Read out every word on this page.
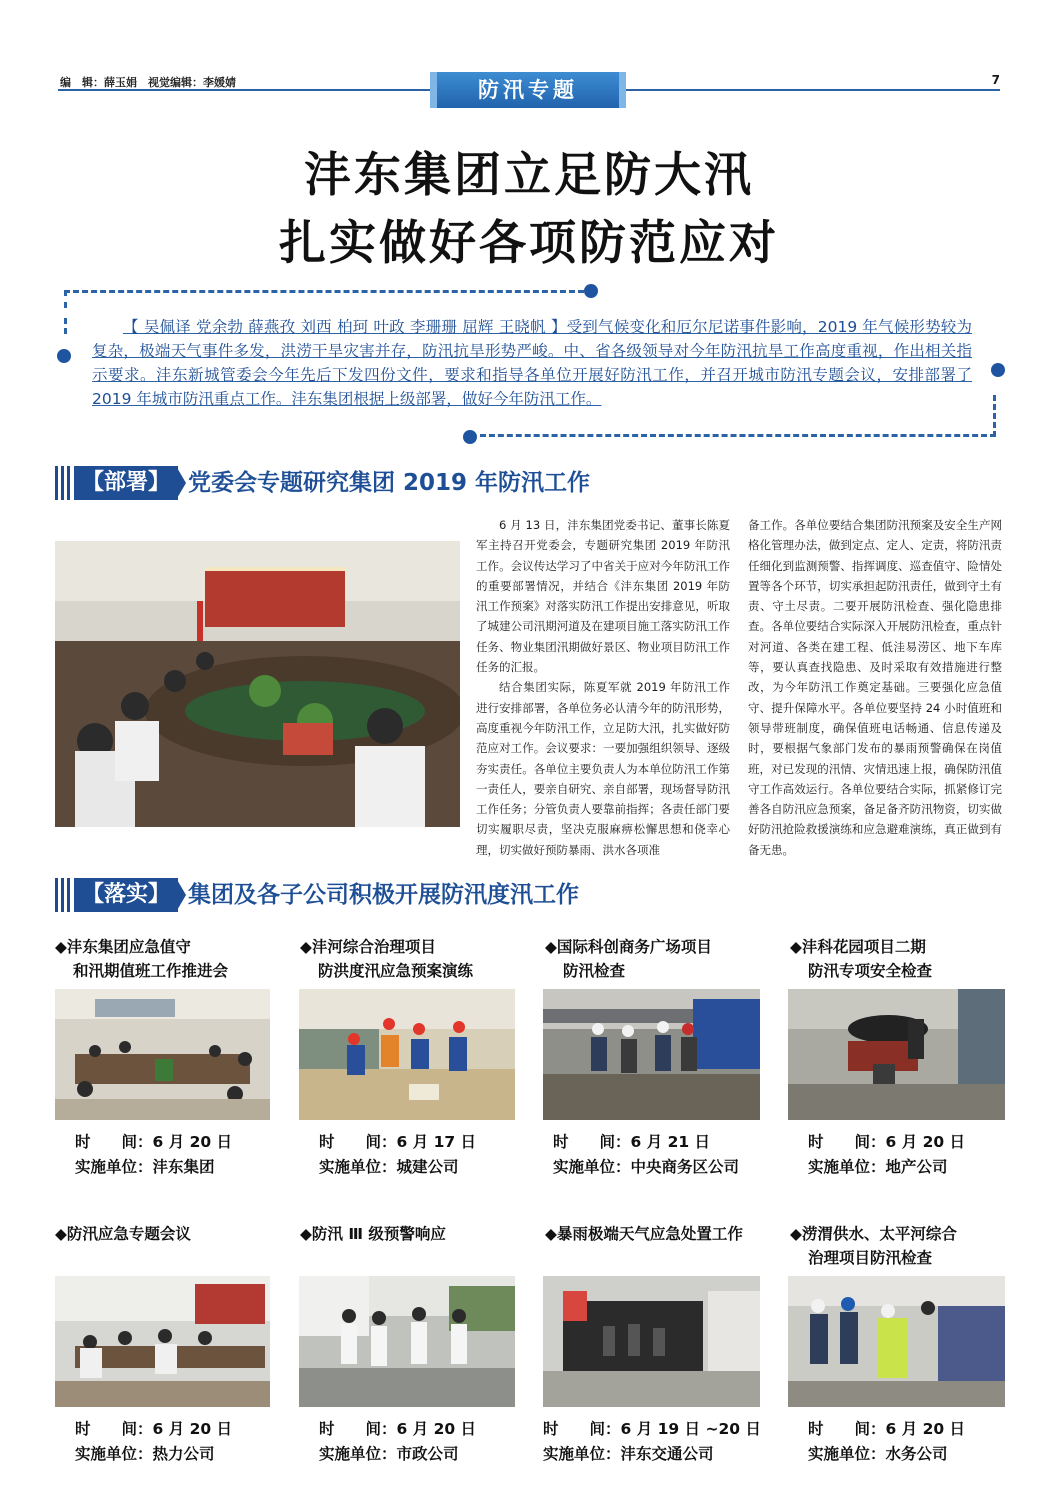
编　辑：薛玉娟　视觉编辑：李媛婧	防汛专题	7
沣东集团立足防大汛
扎实做好各项防范应对
【 吴佩译 党余勃 薛燕孜 刘西 柏珂 叶政 李珊珊 屈辉 王晓帆 】受到气候变化和厄尔尼诺事件影响，2019 年气候形势较为复杂，极端天气事件多发，洪涝干旱灾害并存，防汛抗旱形势严峻。中、省各级领导对今年防汛抗旱工作高度重视，作出相关指示要求。沣东新城管委会今年先后下发四份文件，要求和指导各单位开展好防汛工作，并召开城市防汛专题会议，安排部署了 2019 年城市防汛重点工作。沣东集团根据上级部署，做好今年防汛工作。
【部署】 党委会专题研究集团 2019 年防汛工作

6 月 13 日，沣东集团党委书记、董事长陈夏军主持召开党委会，专题研究集团 2019 年防汛工作。会议传达学习了中省关于应对今年防汛工作的重要部署情况，并结合《沣东集团 2019 年防汛工作预案》对落实防汛工作提出安排意见，听取了城建公司汛期河道及在建项目施工落实防汛工作任务、物业集团汛期做好景区、物业项目防汛工作任务的汇报。

结合集团实际，陈夏军就 2019 年防汛工作进行安排部署，各单位务必认清今年的防汛形势，高度重视今年防汛工作，立足防大汛，扎实做好防范应对工作。会议要求：一要加强组织领导、逐级夯实责任。各单位主要负责人为本单位防汛工作第一责任人，要亲自研究、亲自部署，现场督导防汛工作任务；分管负责人要靠前指挥；各责任部门要切实履职尽责，坚决克服麻痹松懈思想和侥幸心理，切实做好预防暴雨、洪水各项准

备工作。各单位要结合集团防汛预案及安全生产网格化管理办法，做到定点、定人、定责，将防汛责任细化到监测预警、指挥调度、巡查值守、险情处置等各个环节，切实承担起防汛责任，做到守土有责、守土尽责。二要开展防汛检查、强化隐患排查。各单位要结合实际深入开展防汛检查，重点针对河道、各类在建工程、低洼易涝区、地下车库等，要认真查找隐患、及时采取有效措施进行整改，为今年防汛工作奠定基础。三要强化应急值守、提升保障水平。各单位要坚持 24 小时值班和领导带班制度，确保值班电话畅通、信息传递及时，要根据气象部门发布的暴雨预警确保在岗值班，对已发现的汛情、灾情迅速上报，确保防汛值守工作高效运行。各单位要结合实际，抓紧修订完善各自防汛应急预案，备足备齐防汛物资，切实做好防汛抢险救援演练和应急避难演练，真正做到有备无患。

【落实】 集团及各子公司积极开展防汛度汛工作
◆沣东集团应急值守
和汛期值班工作推进会
◆沣河综合治理项目
防洪度汛应急预案演练
◆国际科创商务广场项目
防汛检查
◆沣科花园项目二期
防汛专项安全检查
时　　间：6 月 20 日
实施单位：沣东集团
时　　间：6 月 17 日
实施单位：城建公司
时　　间：6 月 21 日
实施单位：中央商务区公司
时　　间：6 月 20 日
实施单位：地产公司
◆防汛应急专题会议	◆防汛 Ⅲ 级预警响应	◆暴雨极端天气应急处置工作	◆涝渭供水、太平河综合
治理项目防汛检查
时　　间：6 月 20 日
实施单位：热力公司
时　　间：6 月 20 日
实施单位：市政公司
时　　间：6 月 19 日 ~20 日
实施单位：沣东交通公司
时　　间：6 月 20 日
实施单位：水务公司
